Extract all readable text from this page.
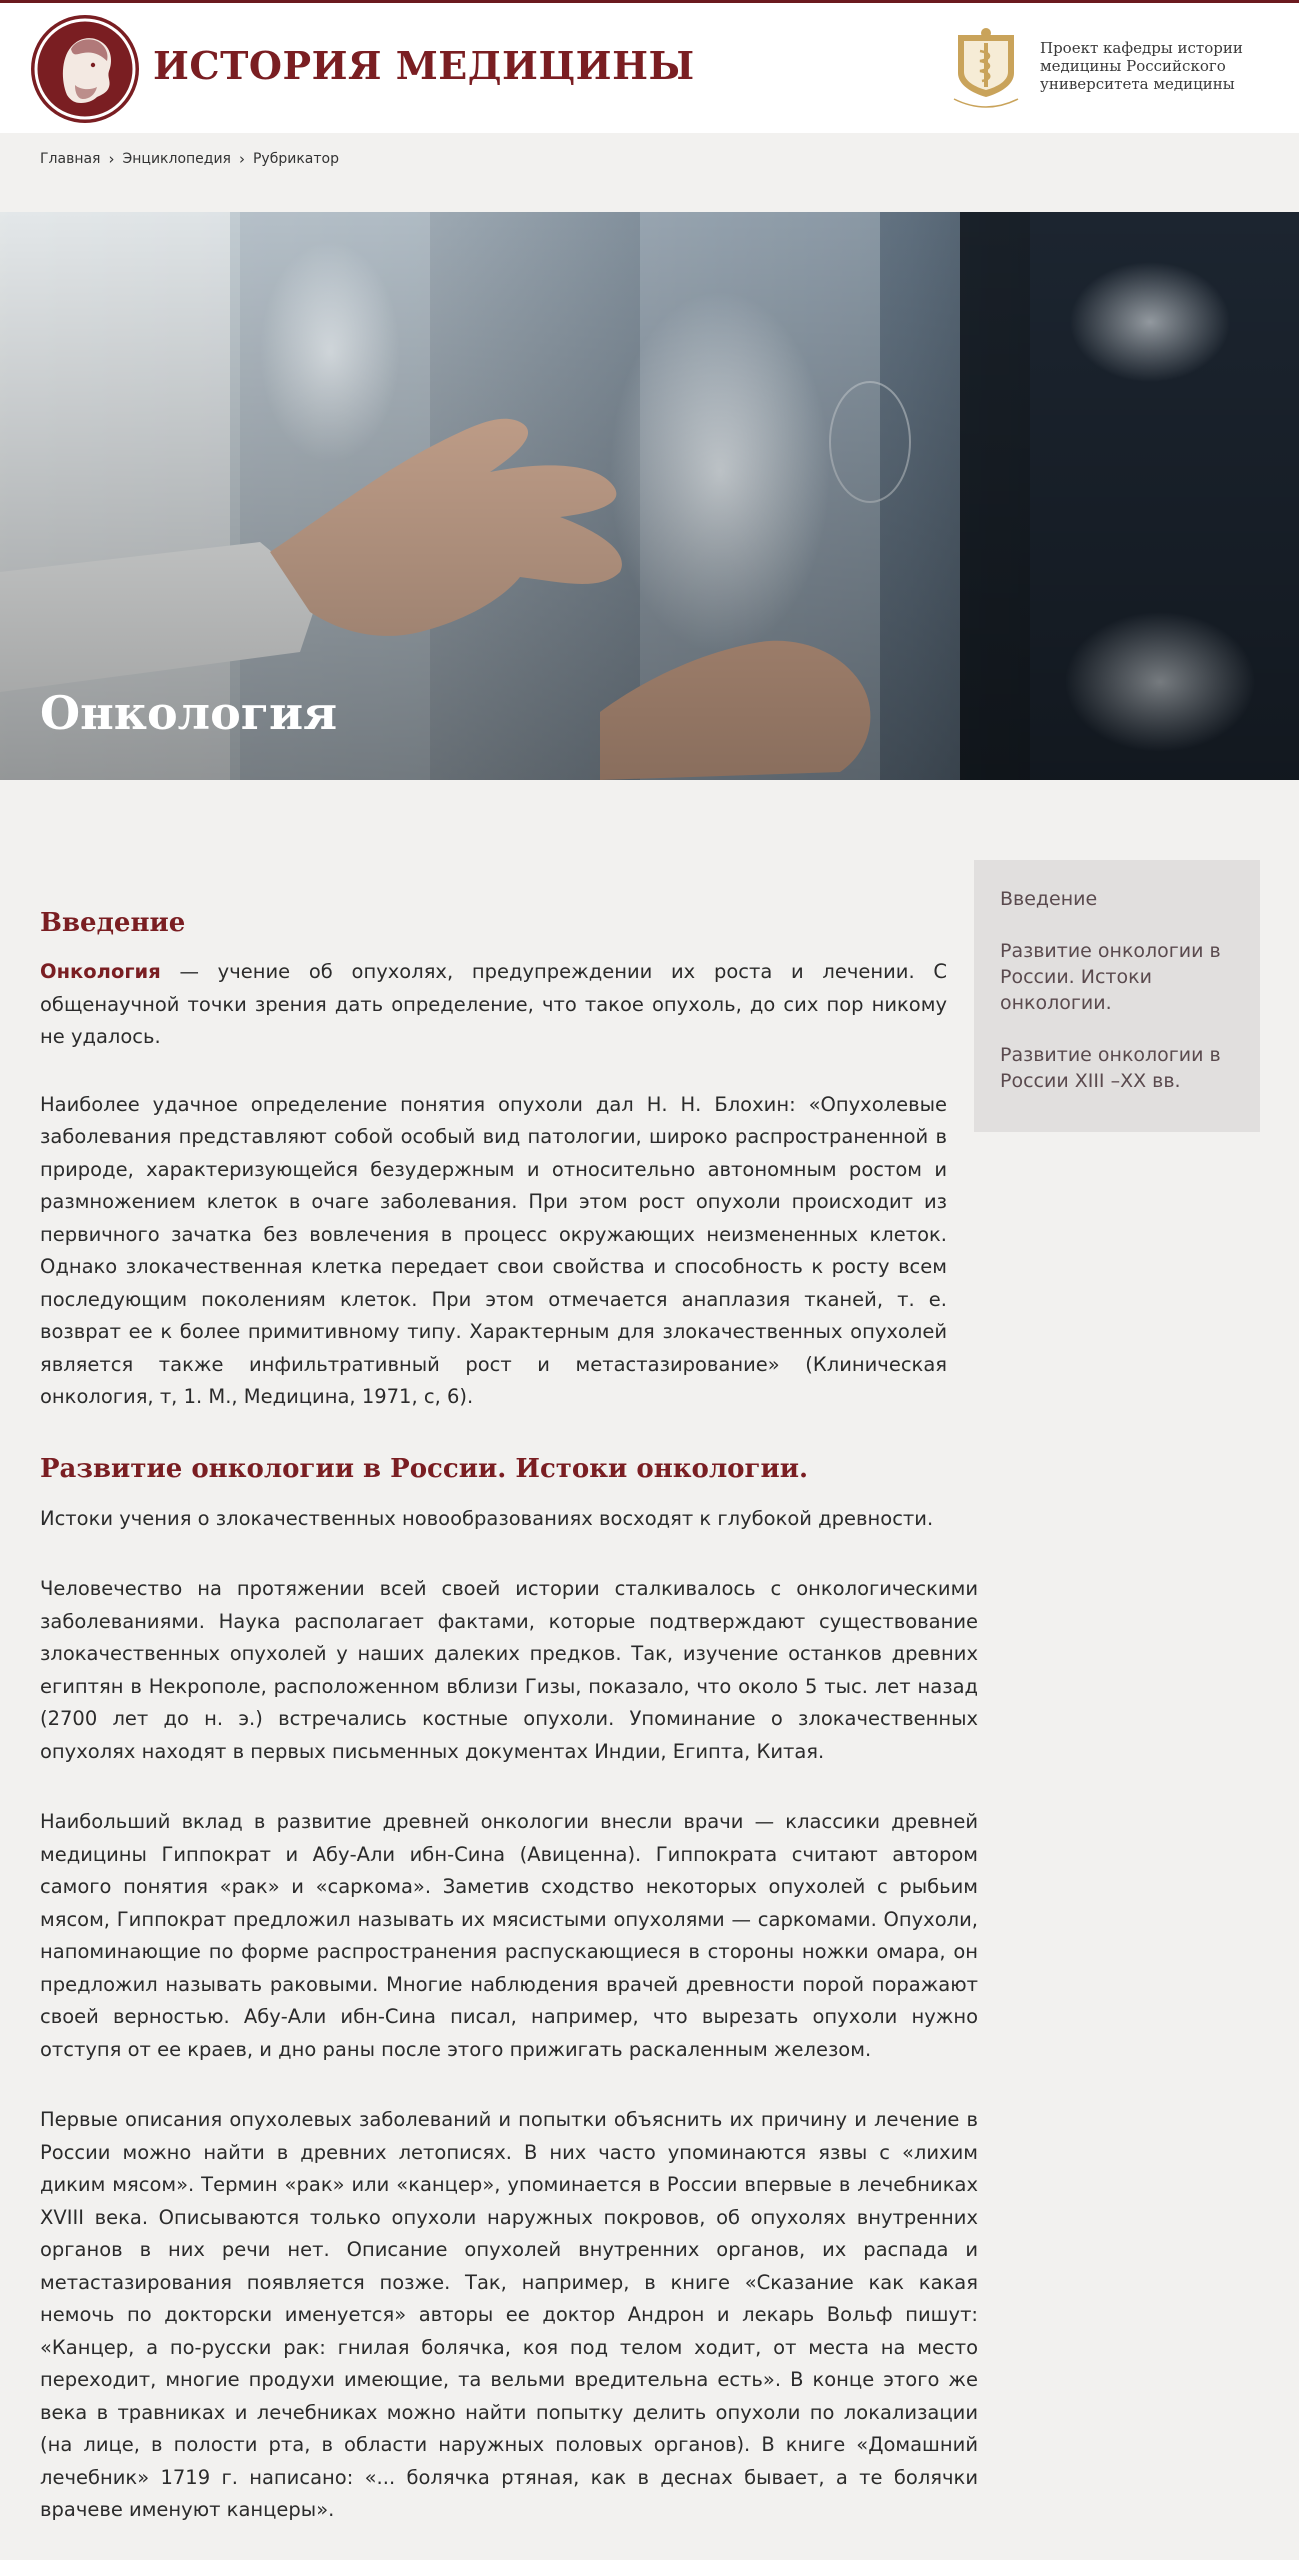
ИСТОРИЯ МЕДИЦИНЫ	Проект кафедры истории медицины Российского университета медицины
Главная › Энциклопедия › Рубрикатор
Онкология
Введение
Развитие онкологии в России. Истоки онкологии.
Развитие онкологии в России XIII –XX вв.
Введение

Онкология — учение об опухолях, предупреждении их роста и лечении. С общенаучной точки зрения дать определение, что такое опухоль, до сих пор никому не удалось.

Наиболее удачное определение понятия опухоли дал Н. Н. Блохин: «Опухолевые заболевания представляют собой особый вид патологии, широко распространенной в природе, характеризующейся безудержным и относительно автономным ростом и размножением клеток в очаге заболевания. При этом рост опухоли происходит из первичного зачатка без вовлечения в процесс окружающих неизмененных клеток. Однако злокачественная клетка передает свои свойства и способность к росту всем последующим поколениям клеток. При этом отмечается анаплазия тканей, т. е. возврат ее к более примитивному типу. Характерным для злокачественных опухолей является также инфильтративный рост и метастазирование» (Клиническая онкология, т, 1. М., Медицина, 1971, с, 6).

Развитие онкологии в России. Истоки онкологии.

Истоки учения о злокачественных новообразованиях восходят к глубокой древности.

Человечество на протяжении всей своей истории сталкивалось с онкологическими заболеваниями. Наука располагает фактами, которые подтверждают существование злокачественных опухолей у наших далеких предков. Так, изучение останков древних египтян в Некрополе, расположенном вблизи Гизы, показало, что около 5 тыс. лет назад (2700 лет до н. э.) встречались костные опухоли. Упоминание о злокачественных опухолях находят в первых письменных документах Индии, Египта, Китая.

Наибольший вклад в развитие древней онкологии внесли врачи — классики древней медицины Гиппократ и Абу-Али ибн-Сина (Авиценна). Гиппократа считают автором самого понятия «рак» и «саркома». Заметив сходство некоторых опухолей с рыбьим мясом, Гиппократ предложил называть их мясистыми опухолями — саркомами. Опухоли, напоминающие по форме распространения распускающиеся в стороны ножки омара, он предложил называть раковыми. Многие наблюдения врачей древности порой поражают своей верностью. Абу-Али ибн-Сина писал, например, что вырезать опухоли нужно отступя от ее краев, и дно раны после этого прижигать раскаленным железом.

Первые описания опухолевых заболеваний и попытки объяснить их причину и лечение в России можно найти в древних летописях. В них часто упоминаются язвы с «лихим диким мясом». Термин «рак» или «канцер», упоминается в России впервые в лечебниках XVIII века. Описываются только опухоли наружных покровов, об опухолях внутренних органов в них речи нет. Описание опухолей внутренних органов, их распада и метастазирования появляется позже. Так, например, в книге «Сказание как какая немочь по докторски именуется» авторы ее доктор Андрон и лекарь Вольф пишут: «Канцер, а по-русски рак: гнилая болячка, коя под телом ходит, от места на место переходит, многие продухи имеющие, та вельми вредительна есть». В конце этого же века в травниках и лечебниках можно найти попытку делить опухоли по локализации (на лице, в полости рта, в области наружных половых органов). В книге «Домашний лечебник» 1719 г. написано: «... болячка ртяная, как в деснах бывает, а те болячки врачеве именуют канцеры».
